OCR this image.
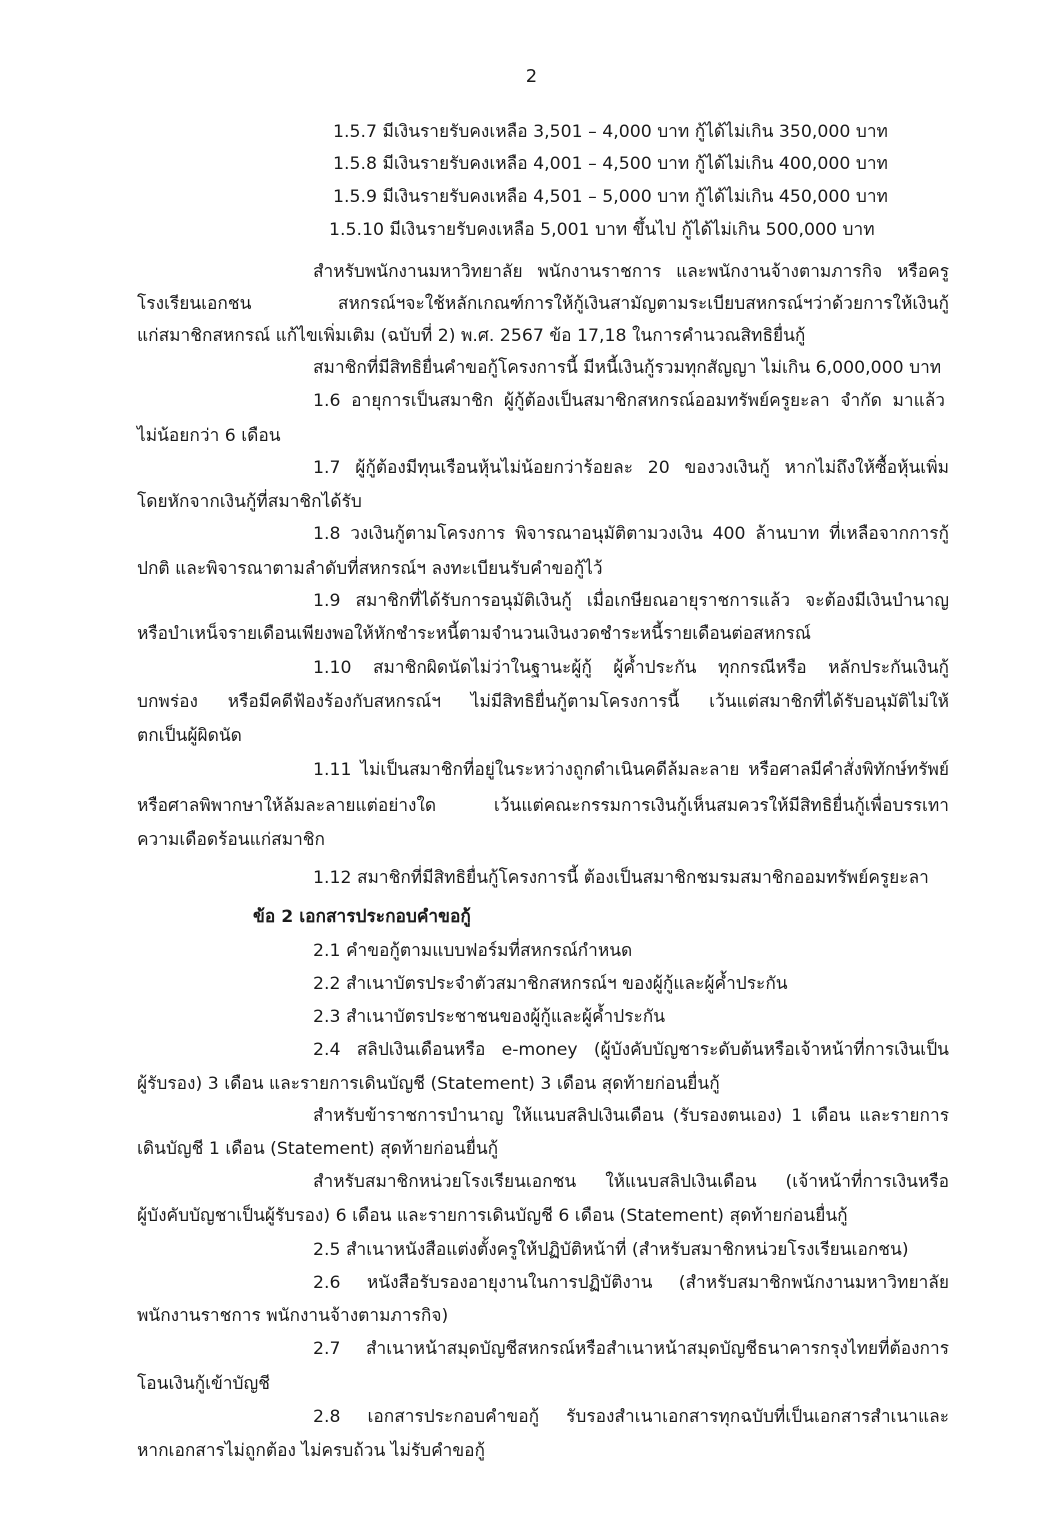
2
1.5.7 มีเงินรายรับคงเหลือ 3,501 – 4,000 บาท กู้ได้ไม่เกิน 350,000 บาท
1.5.8 มีเงินรายรับคงเหลือ 4,001 – 4,500 บาท กู้ได้ไม่เกิน 400,000 บาท
1.5.9 มีเงินรายรับคงเหลือ 4,501 – 5,000 บาท กู้ได้ไม่เกิน 450,000 บาท
1.5.10 มีเงินรายรับคงเหลือ 5,001 บาท ขึ้นไป กู้ได้ไม่เกิน 500,000 บาท
สำหรับพนักงานมหาวิทยาลัย พนักงานราชการ และพนักงานจ้างตามภารกิจ หรือครู
โรงเรียนเอกชน สหกรณ์ฯจะใช้หลักเกณฑ์การให้กู้เงินสามัญตามระเบียบสหกรณ์ฯว่าด้วยการให้เงินกู้
แก่สมาชิกสหกรณ์ แก้ไขเพิ่มเติม (ฉบับที่ 2) พ.ศ. 2567 ข้อ 17,18 ในการคำนวณสิทธิยื่นกู้
สมาชิกที่มีสิทธิยื่นคำขอกู้โครงการนี้ มีหนี้เงินกู้รวมทุกสัญญา ไม่เกิน 6,000,000 บาท
1.6 อายุการเป็นสมาชิก ผู้กู้ต้องเป็นสมาชิกสหกรณ์ออมทรัพย์ครูยะลา จำกัด มาแล้ว
ไม่น้อยกว่า 6 เดือน
1.7 ผู้กู้ต้องมีทุนเรือนหุ้นไม่น้อยกว่าร้อยละ 20 ของวงเงินกู้ หากไม่ถึงให้ซื้อหุ้นเพิ่ม
โดยหักจากเงินกู้ที่สมาชิกได้รับ
1.8 วงเงินกู้ตามโครงการ พิจารณาอนุมัติตามวงเงิน 400 ล้านบาท ที่เหลือจากการกู้
ปกติ และพิจารณาตามลำดับที่สหกรณ์ฯ ลงทะเบียนรับคำขอกู้ไว้
1.9 สมาชิกที่ได้รับการอนุมัติเงินกู้ เมื่อเกษียณอายุราชการแล้ว จะต้องมีเงินบำนาญ
หรือบำเหน็จรายเดือนเพียงพอให้หักชำระหนี้ตามจำนวนเงินงวดชำระหนี้รายเดือนต่อสหกรณ์
1.10 สมาชิกผิดนัดไม่ว่าในฐานะผู้กู้ ผู้ค้ำประกัน ทุกกรณีหรือ หลักประกันเงินกู้
บกพร่อง หรือมีคดีฟ้องร้องกับสหกรณ์ฯ ไม่มีสิทธิยื่นกู้ตามโครงการนี้ เว้นแต่สมาชิกที่ได้รับอนุมัติไม่ให้
ตกเป็นผู้ผิดนัด
1.11 ไม่เป็นสมาชิกที่อยู่ในระหว่างถูกดำเนินคดีล้มละลาย หรือศาลมีคำสั่งพิทักษ์ทรัพย์
หรือศาลพิพากษาให้ล้มละลายแต่อย่างใด เว้นแต่คณะกรรมการเงินกู้เห็นสมควรให้มีสิทธิยื่นกู้เพื่อบรรเทา
ความเดือดร้อนแก่สมาชิก
1.12 สมาชิกที่มีสิทธิยื่นกู้โครงการนี้ ต้องเป็นสมาชิกชมรมสมาชิกออมทรัพย์ครูยะลา
ข้อ 2 เอกสารประกอบคำขอกู้
2.1 คำขอกู้ตามแบบฟอร์มที่สหกรณ์กำหนด
2.2 สำเนาบัตรประจำตัวสมาชิกสหกรณ์ฯ ของผู้กู้และผู้ค้ำประกัน
2.3 สำเนาบัตรประชาชนของผู้กู้และผู้ค้ำประกัน
2.4 สลิปเงินเดือนหรือ e-money (ผู้บังคับบัญชาระดับต้นหรือเจ้าหน้าที่การเงินเป็น
ผู้รับรอง) 3 เดือน และรายการเดินบัญชี (Statement) 3 เดือน สุดท้ายก่อนยื่นกู้
สำหรับข้าราชการบำนาญ ให้แนบสลิปเงินเดือน (รับรองตนเอง) 1 เดือน และรายการ
เดินบัญชี 1 เดือน (Statement) สุดท้ายก่อนยื่นกู้
สำหรับสมาชิกหน่วยโรงเรียนเอกชน ให้แนบสลิปเงินเดือน (เจ้าหน้าที่การเงินหรือ
ผู้บังคับบัญชาเป็นผู้รับรอง) 6 เดือน และรายการเดินบัญชี 6 เดือน (Statement) สุดท้ายก่อนยื่นกู้
2.5 สำเนาหนังสือแต่งตั้งครูให้ปฏิบัติหน้าที่ (สำหรับสมาชิกหน่วยโรงเรียนเอกชน)
2.6 หนังสือรับรองอายุงานในการปฏิบัติงาน (สำหรับสมาชิกพนักงานมหาวิทยาลัย
พนักงานราชการ พนักงานจ้างตามภารกิจ)
2.7 สำเนาหน้าสมุดบัญชีสหกรณ์หรือสำเนาหน้าสมุดบัญชีธนาคารกรุงไทยที่ต้องการ
โอนเงินกู้เข้าบัญชี
2.8 เอกสารประกอบคำขอกู้ รับรองสำเนาเอกสารทุกฉบับที่เป็นเอกสารสำเนาและ
หากเอกสารไม่ถูกต้อง ไม่ครบถ้วน ไม่รับคำขอกู้
